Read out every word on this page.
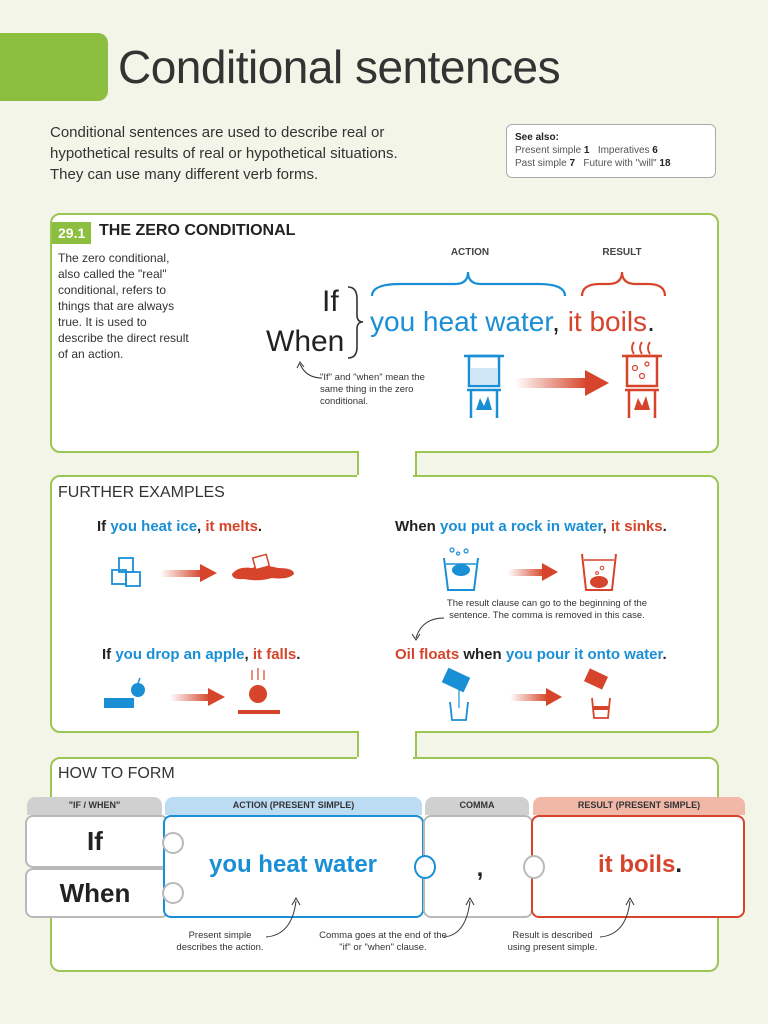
Conditional sentences
Conditional sentences are used to describe real or hypothetical results of real or hypothetical situations. They can use many different verb forms.
See also:
Present simple 1 Imperatives 6
Past simple 7 Future with "will" 18
29.1 THE ZERO CONDITIONAL
The zero conditional, also called the "real" conditional, refers to things that are always true. It is used to describe the direct result of an action.
ACTION	RESULT
If
When
you heat water, it boils.
"If" and "when" mean the same thing in the zero conditional.
FURTHER EXAMPLES
If you heat ice, it melts.	When you put a rock in water, it sinks.
The result clause can go to the beginning of the sentence. The comma is removed in this case.
If you drop an apple, it falls.	Oil floats when you pour it onto water.
HOW TO FORM
"IF / WHEN"	ACTION (PRESENT SIMPLE)	COMMA	RESULT (PRESENT SIMPLE)
If
When
you heat water	,	it boils.
Present simple describes the action.
Comma goes at the end of the "if" or "when" clause.
Result is described using present simple.
